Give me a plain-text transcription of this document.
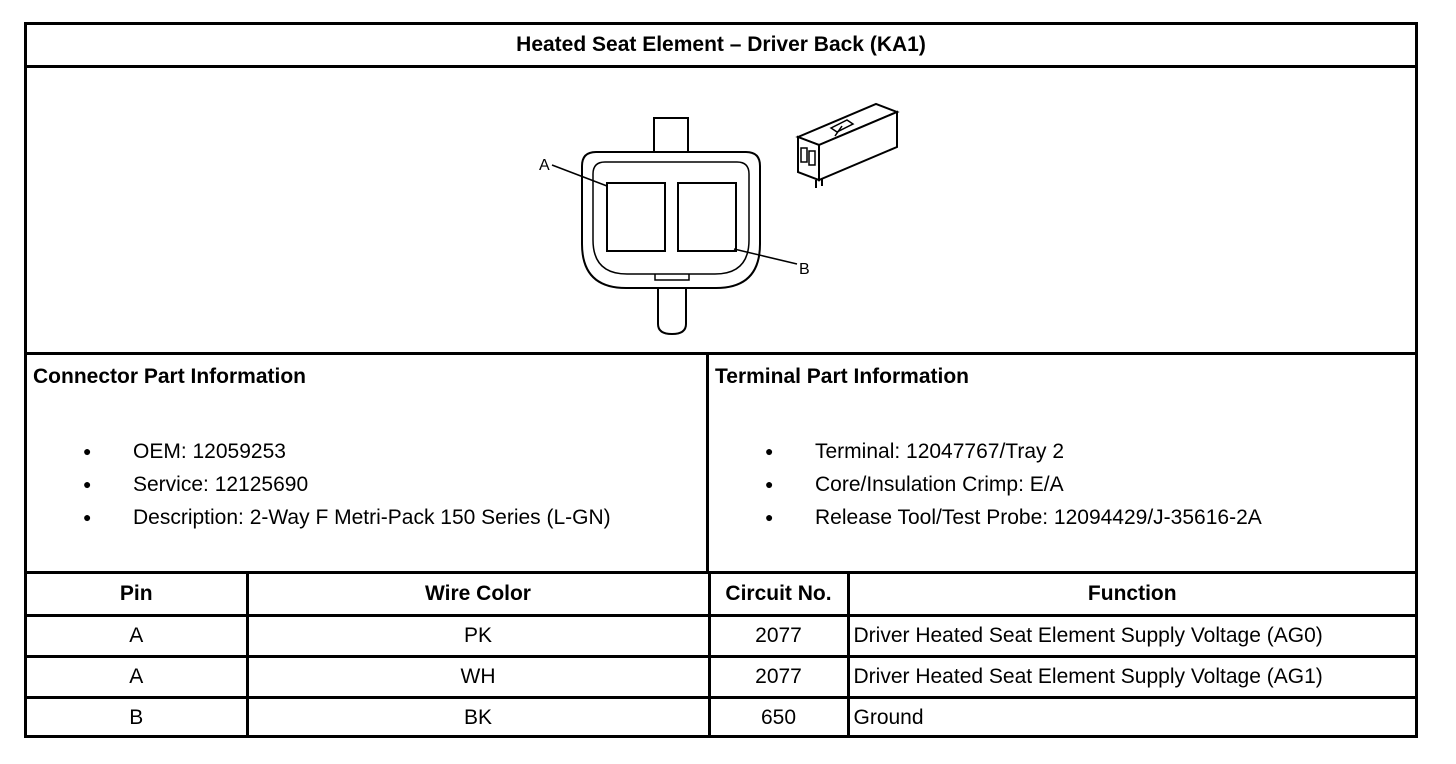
Heated Seat Element – Driver Back (KA1)
A
B
Connector Part Information
● OEM: 12059253
● Service: 12125690
● Description: 2-Way F Metri-Pack 150 Series (L-GN)
Terminal Part Information
● Terminal: 12047767/Tray 2
● Core/Insulation Crimp: E/A
● Release Tool/Test Probe: 12094429/J-35616-2A
Pin	Wire Color	Circuit No.	Function
A	PK	2077	Driver Heated Seat Element Supply Voltage (AG0)
A	WH	2077	Driver Heated Seat Element Supply Voltage (AG1)
B	BK	650	Ground
